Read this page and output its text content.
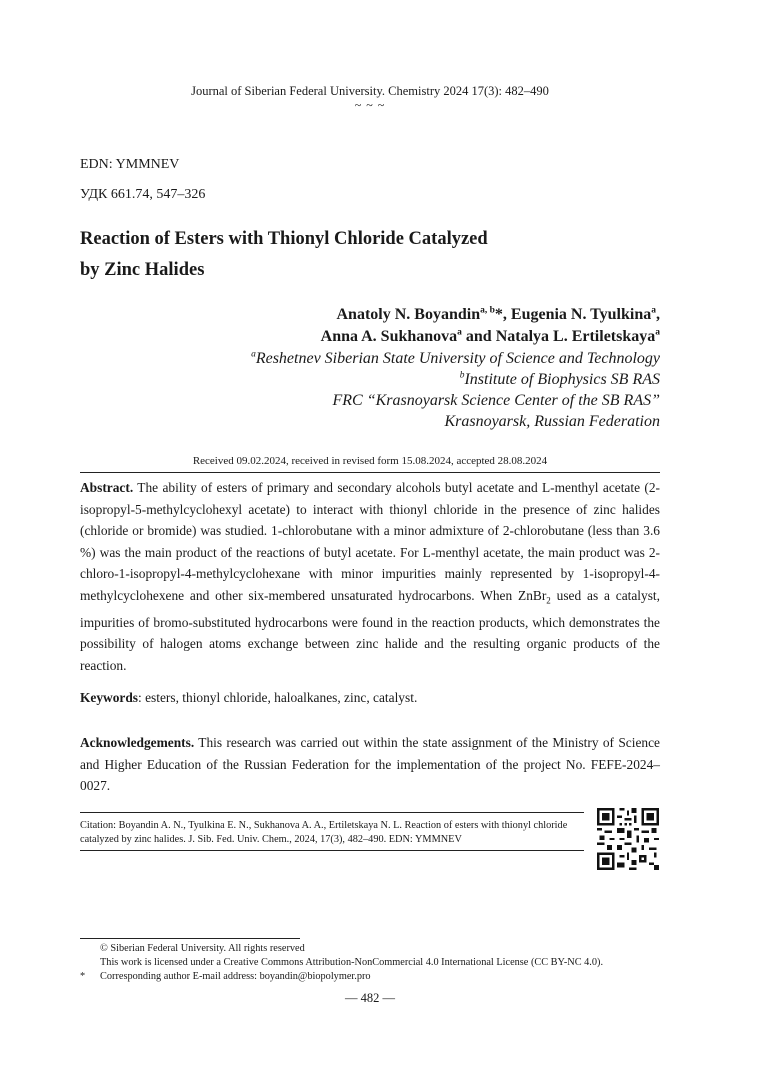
Journal of Siberian Federal University. Chemistry 2024 17(3): 482–490
~ ~ ~
EDN: YMMNEV
УДК 661.74, 547–326
Reaction of Esters with Thionyl Chloride Catalyzed
by Zinc Halides
Anatoly N. Boyandin$^{a, b}$*, Eugenia N. Tyulkina$^a$,
Anna A. Sukhanova$^a$ and Natalya L. Ertiletskaya$^a$
$^a$Reshetnev Siberian State University of Science and Technology
$^b$Institute of Biophysics SB RAS
FRC “Krasnoyarsk Science Center of the SB RAS”
Krasnoyarsk, Russian Federation
Received 09.02.2024, received in revised form 15.08.2024, accepted 28.08.2024
Abstract. The ability of esters of primary and secondary alcohols butyl acetate and L-menthyl acetate (2-isopropyl-5-methylcyclohexyl acetate) to interact with thionyl chloride in the presence of zinc halides (chloride or bromide) was studied. 1-chlorobutane with a minor admixture of 2-chlorobutane (less than 3.6 %) was the main product of the reactions of butyl acetate. For L-menthyl acetate, the main product was 2-chloro-1-isopropyl-4-methylcyclohexane with minor impurities mainly represented by 1-isopropyl-4-methylcyclohexene and other six-membered unsaturated hydrocarbons. When ZnBr$_2$ used as a catalyst, impurities of bromo-substituted hydrocarbons were found in the reaction products, which demonstrates the possibility of halogen atoms exchange between zinc halide and the resulting organic products of the reaction.
Keywords: esters, thionyl chloride, haloalkanes, zinc, catalyst.
Acknowledgements. This research was carried out within the state assignment of the Ministry of Science and Higher Education of the Russian Federation for the implementation of the project No. FEFE-2024–0027.
Citation: Boyandin A. N., Tyulkina E. N., Sukhanova A. A., Ertiletskaya N. L. Reaction of esters with thionyl chloride catalyzed by zinc halides. J. Sib. Fed. Univ. Chem., 2024, 17(3), 482–490. EDN: YMMNEV
© Siberian Federal University. All rights reserved
This work is licensed under a Creative Commons Attribution-NonCommercial 4.0 International License (CC BY-NC 4.0).
* Corresponding author E-mail address: boyandin@biopolymer.pro
— 482 —
